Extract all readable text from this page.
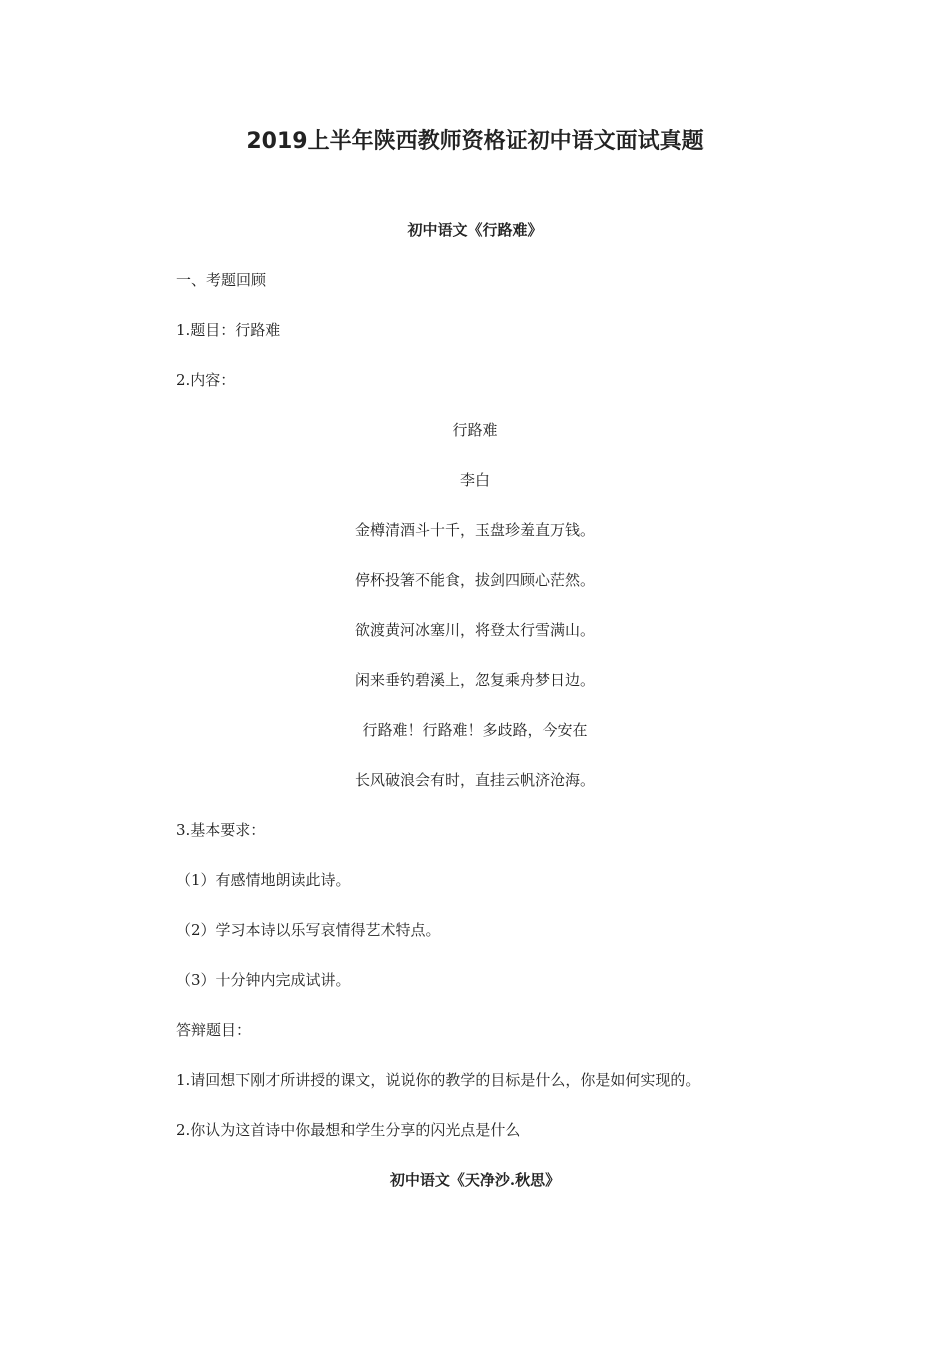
2019上半年陕西教师资格证初中语文面试真题
初中语文《行路难》
一、考题回顾
1.题目：行路难
2.内容：
行路难
李白
金樽清酒斗十千，玉盘珍羞直万钱。
停杯投箸不能食，拔剑四顾心茫然。
欲渡黄河冰塞川，将登太行雪满山。
闲来垂钓碧溪上，忽复乘舟梦日边。
行路难！行路难！多歧路，今安在
长风破浪会有时，直挂云帆济沧海。
3.基本要求：
（1）有感情地朗读此诗。
（2）学习本诗以乐写哀情得艺术特点。
（3）十分钟内完成试讲。
答辩题目：
1.请回想下刚才所讲授的课文，说说你的教学的目标是什么，你是如何实现的。
2.你认为这首诗中你最想和学生分享的闪光点是什么
初中语文《天净沙.秋思》
